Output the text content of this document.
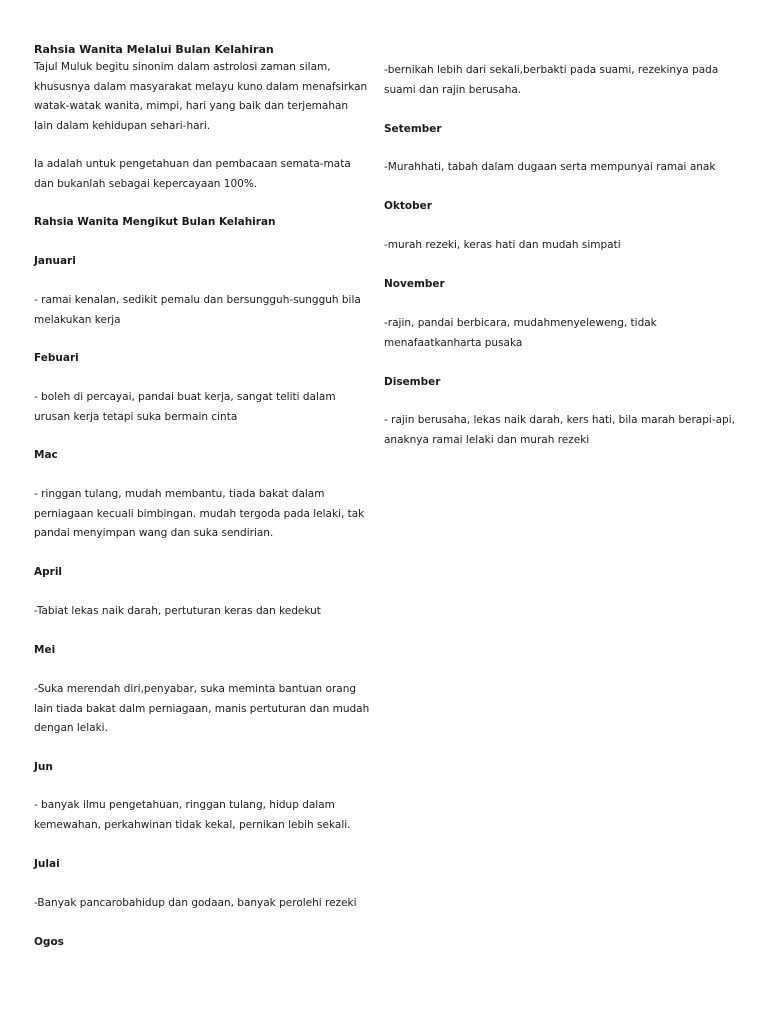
Rahsia Wanita Melalui Bulan Kelahiran

Tajul Muluk begitu sinonim dalam astrolosi zaman silam,
khususnya dalam masyarakat melayu kuno dalam menafsirkan
watak-watak wanita, mimpi, hari yang baik dan terjemahan
lain dalam kehidupan sehari-hari.

Ia adalah untuk pengetahuan dan pembacaan semata-mata
dan bukanlah sebagai kepercayaan 100%.

Rahsia Wanita Mengikut Bulan Kelahiran

Januari

- ramai kenalan, sedikit pemalu dan bersungguh-sungguh bila
melakukan kerja

Febuari

- boleh di percayai, pandai buat kerja, sangat teliti dalam
urusan kerja tetapi suka bermain cinta

Mac

- ringgan tulang, mudah membantu, tiada bakat dalam
perniagaan kecuali bimbingan. mudah tergoda pada lelaki, tak
pandai menyimpan wang dan suka sendirian.

April

-Tabiat lekas naik darah, pertuturan keras dan kedekut

Mei

-Suka merendah diri,penyabar, suka meminta bantuan orang
lain tiada bakat dalm perniagaan, manis pertuturan dan mudah
dengan lelaki.

Jun

- banyak ilmu pengetahuan, ringgan tulang, hidup dalam
kemewahan, perkahwinan tidak kekal, pernikan lebih sekali.

Julai

-Banyak pancarobahidup dan godaan, banyak perolehi rezeki

Ogos

-bernikah lebih dari sekali,berbakti pada suami, rezekinya pada
suami dan rajin berusaha.

Setember

-Murahhati, tabah dalam dugaan serta mempunyai ramai anak

Oktober

-murah rezeki, keras hati dan mudah simpati

November

-rajin, pandai berbicara, mudahmenyeleweng, tidak
menafaatkanharta pusaka

Disember

- rajin berusaha, lekas naik darah, kers hati, bila marah berapi-api,
anaknya ramai lelaki dan murah rezeki
